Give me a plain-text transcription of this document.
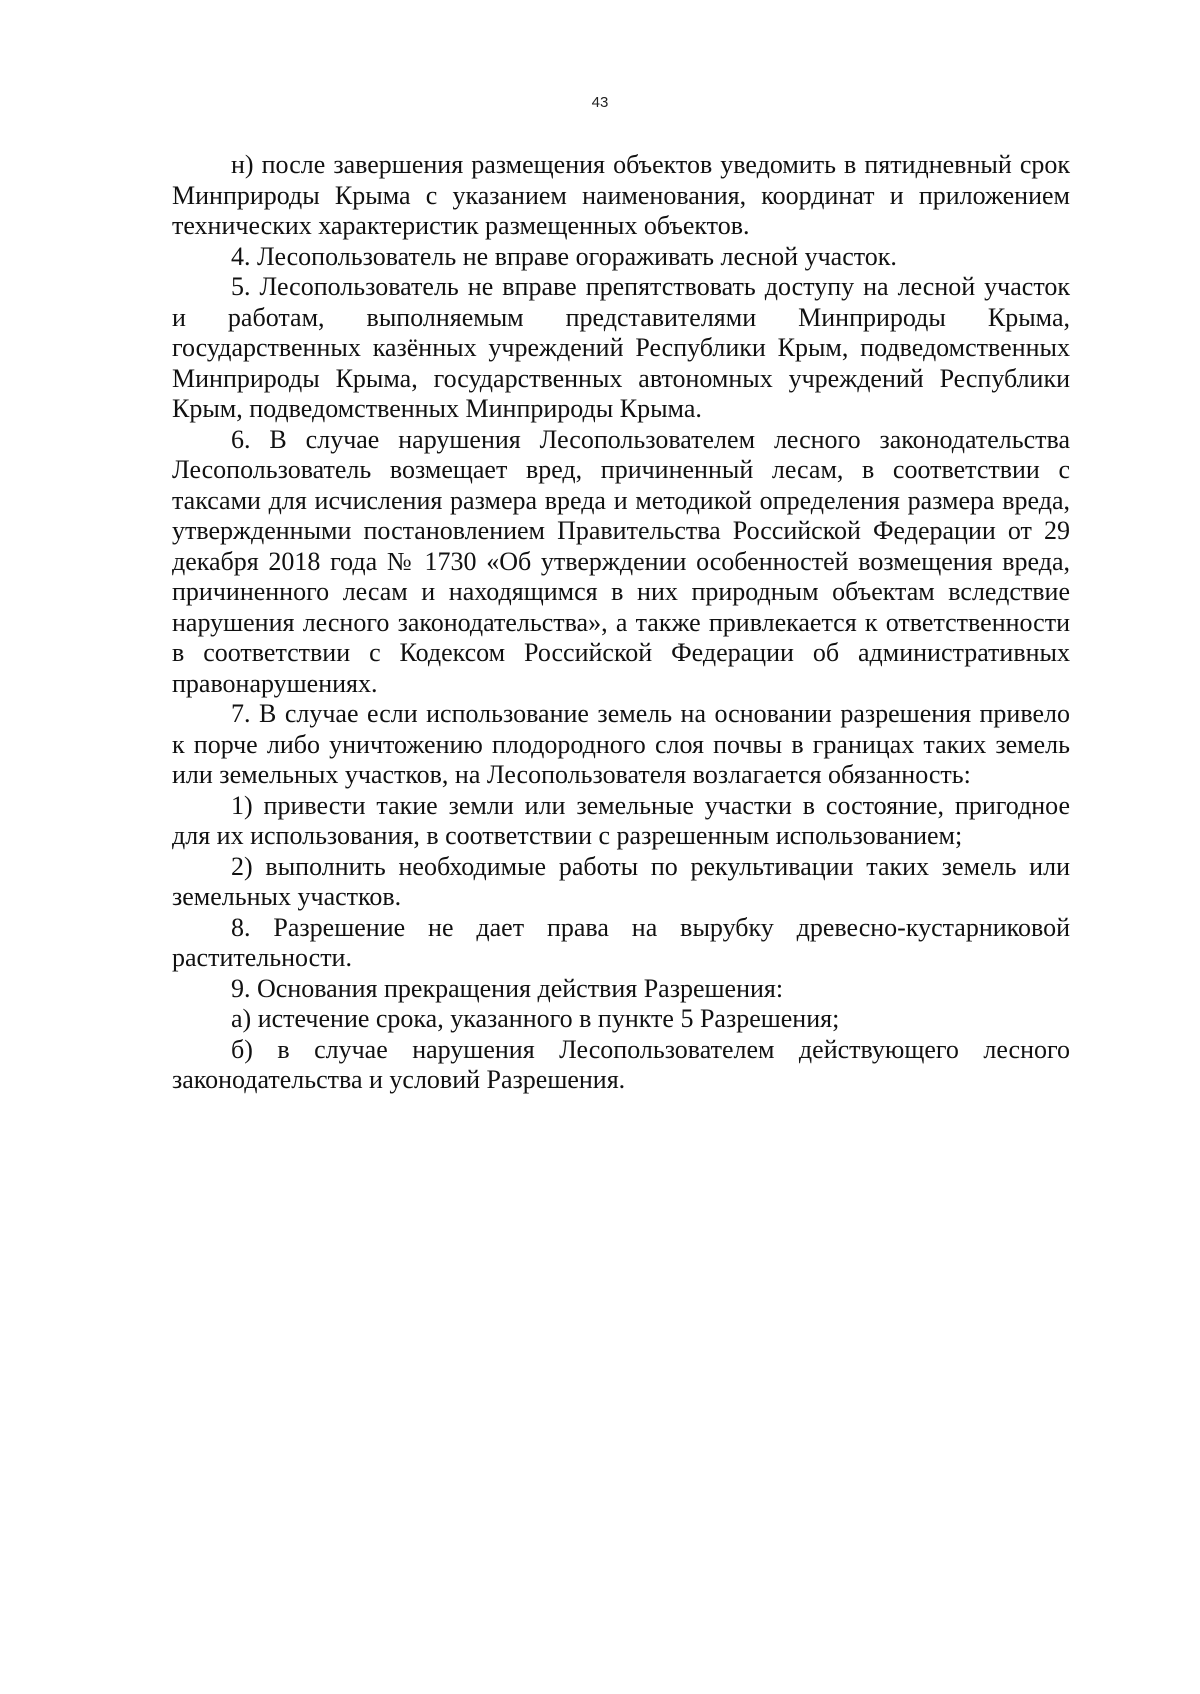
43

н) после завершения размещения объектов уведомить в пятидневный срок Минприроды Крыма с указанием наименования, координат и приложением технических характеристик размещенных объектов.

4. Лесопользователь не вправе огораживать лесной участок.

5. Лесопользователь не вправе препятствовать доступу на лесной участок и работам, выполняемым представителями Минприроды Крыма, государственных казённых учреждений Республики Крым, подведомственных Минприроды Крыма, государственных автономных учреждений Республики Крым, подведомственных Минприроды Крыма.

6. В случае нарушения Лесопользователем лесного законодательства Лесопользователь возмещает вред, причиненный лесам, в соответствии с таксами для исчисления размера вреда и методикой определения размера вреда, утвержденными постановлением Правительства Российской Федерации от 29 декабря 2018 года № 1730 «Об утверждении особенностей возмещения вреда, причиненного лесам и находящимся в них природным объектам вследствие нарушения лесного законодательства», а также привлекается к ответственности в соответствии с Кодексом Российской Федерации об административных правонарушениях.

7. В случае если использование земель на основании разрешения привело к порче либо уничтожению плодородного слоя почвы в границах таких земель или земельных участков, на Лесопользователя возлагается обязанность:

1) привести такие земли или земельные участки в состояние, пригодное для их использования, в соответствии с разрешенным использованием;

2) выполнить необходимые работы по рекультивации таких земель или земельных участков.

8. Разрешение не дает права на вырубку древесно-кустарниковой растительности.

9. Основания прекращения действия Разрешения:

а) истечение срока, указанного в пункте 5 Разрешения;

б) в случае нарушения Лесопользователем действующего лесного законодательства и условий Разрешения.
